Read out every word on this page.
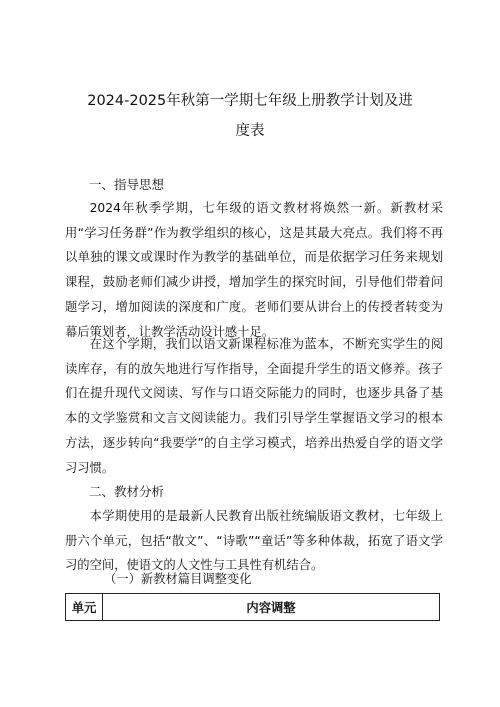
2024-2025年秋第一学期七年级上册教学计划及进
度表
一、指导思想

2024年秋季学期，七年级的语文教材将焕然一新。新教材采用“学习任务群”作为教学组织的核心，这是其最大亮点。我们将不再以单独的课文或课时作为教学的基础单位，而是依据学习任务来规划课程，鼓励老师们减少讲授，增加学生的探究时间，引导他们带着问题学习，增加阅读的深度和广度。老师们要从讲台上的传授者转变为幕后策划者，让教学活动设计感十足。

在这个学期，我们以语文新课程标准为蓝本，不断充实学生的阅读库存，有的放矢地进行写作指导，全面提升学生的语文修养。孩子们在提升现代文阅读、写作与口语交际能力的同时，也逐步具备了基本的文学鉴赏和文言文阅读能力。我们引导学生掌握语文学习的根本方法，逐步转向“我要学”的自主学习模式，培养出热爱自学的语文学习习惯。

二、教材分析

本学期使用的是最新人民教育出版社统编版语文教材，七年级上册六个单元，包括“散文”、“诗歌”“童话”等多种体裁，拓宽了语文学习的空间，使语文的人文性与工具性有机结合。

（一）新教材篇目调整变化
单元	内容调整
